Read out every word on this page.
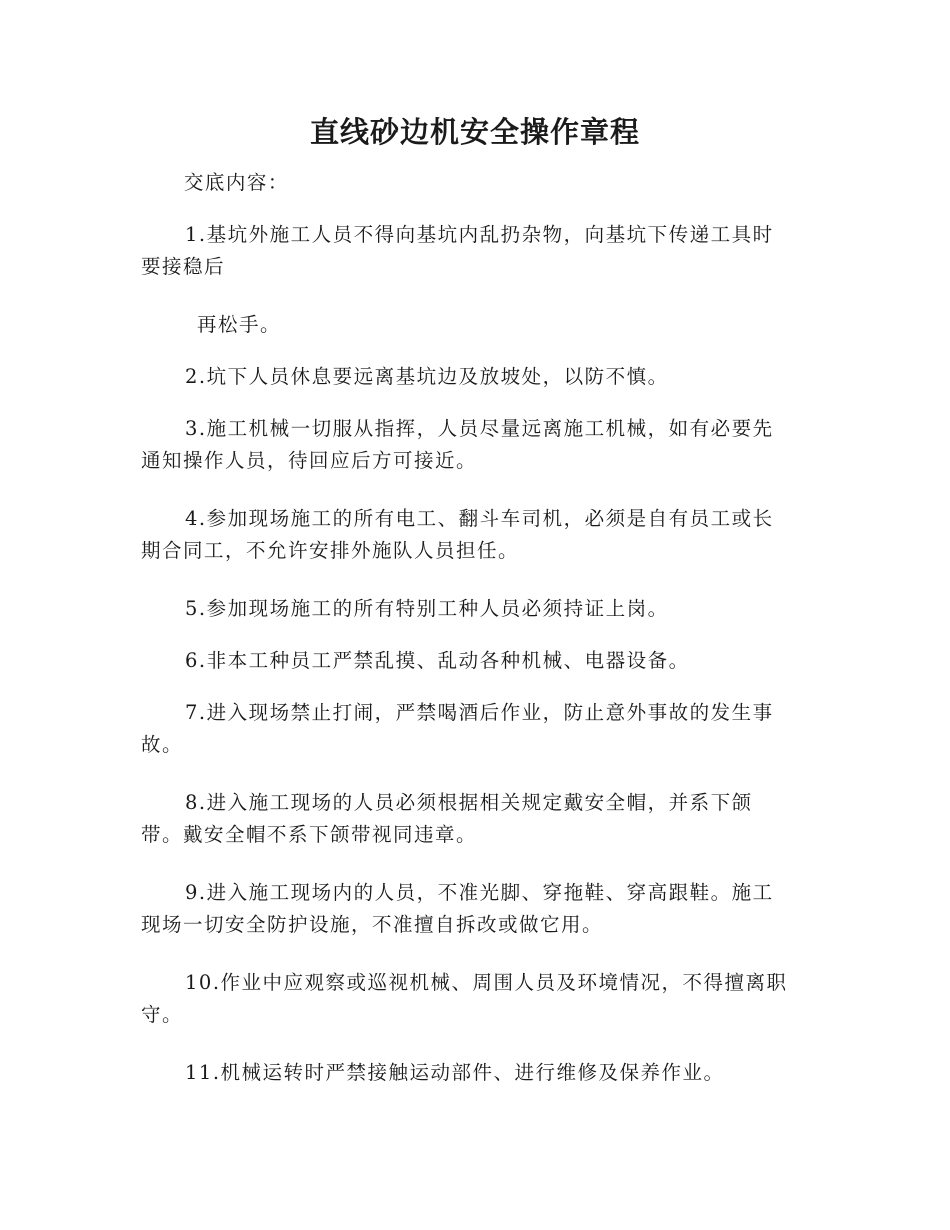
直线砂边机安全操作章程

交底内容：

1.基坑外施工人员不得向基坑内乱扔杂物，向基坑下传递工具时
要接稳后

再松手。

2.坑下人员休息要远离基坑边及放坡处，以防不慎。

3.施工机械一切服从指挥，人员尽量远离施工机械，如有必要先
通知操作人员，待回应后方可接近。

4.参加现场施工的所有电工、翻斗车司机，必须是自有员工或长
期合同工，不允许安排外施队人员担任。

5.参加现场施工的所有特别工种人员必须持证上岗。

6.非本工种员工严禁乱摸、乱动各种机械、电器设备。

7.进入现场禁止打闹，严禁喝酒后作业，防止意外事故的发生事
故。

8.进入施工现场的人员必须根据相关规定戴安全帽，并系下颌
带。戴安全帽不系下颌带视同违章。

9.进入施工现场内的人员，不准光脚、穿拖鞋、穿高跟鞋。施工
现场一切安全防护设施，不准擅自拆改或做它用。

10.作业中应观察或巡视机械、周围人员及环境情况，不得擅离职
守。

11.机械运转时严禁接触运动部件、进行维修及保养作业。
